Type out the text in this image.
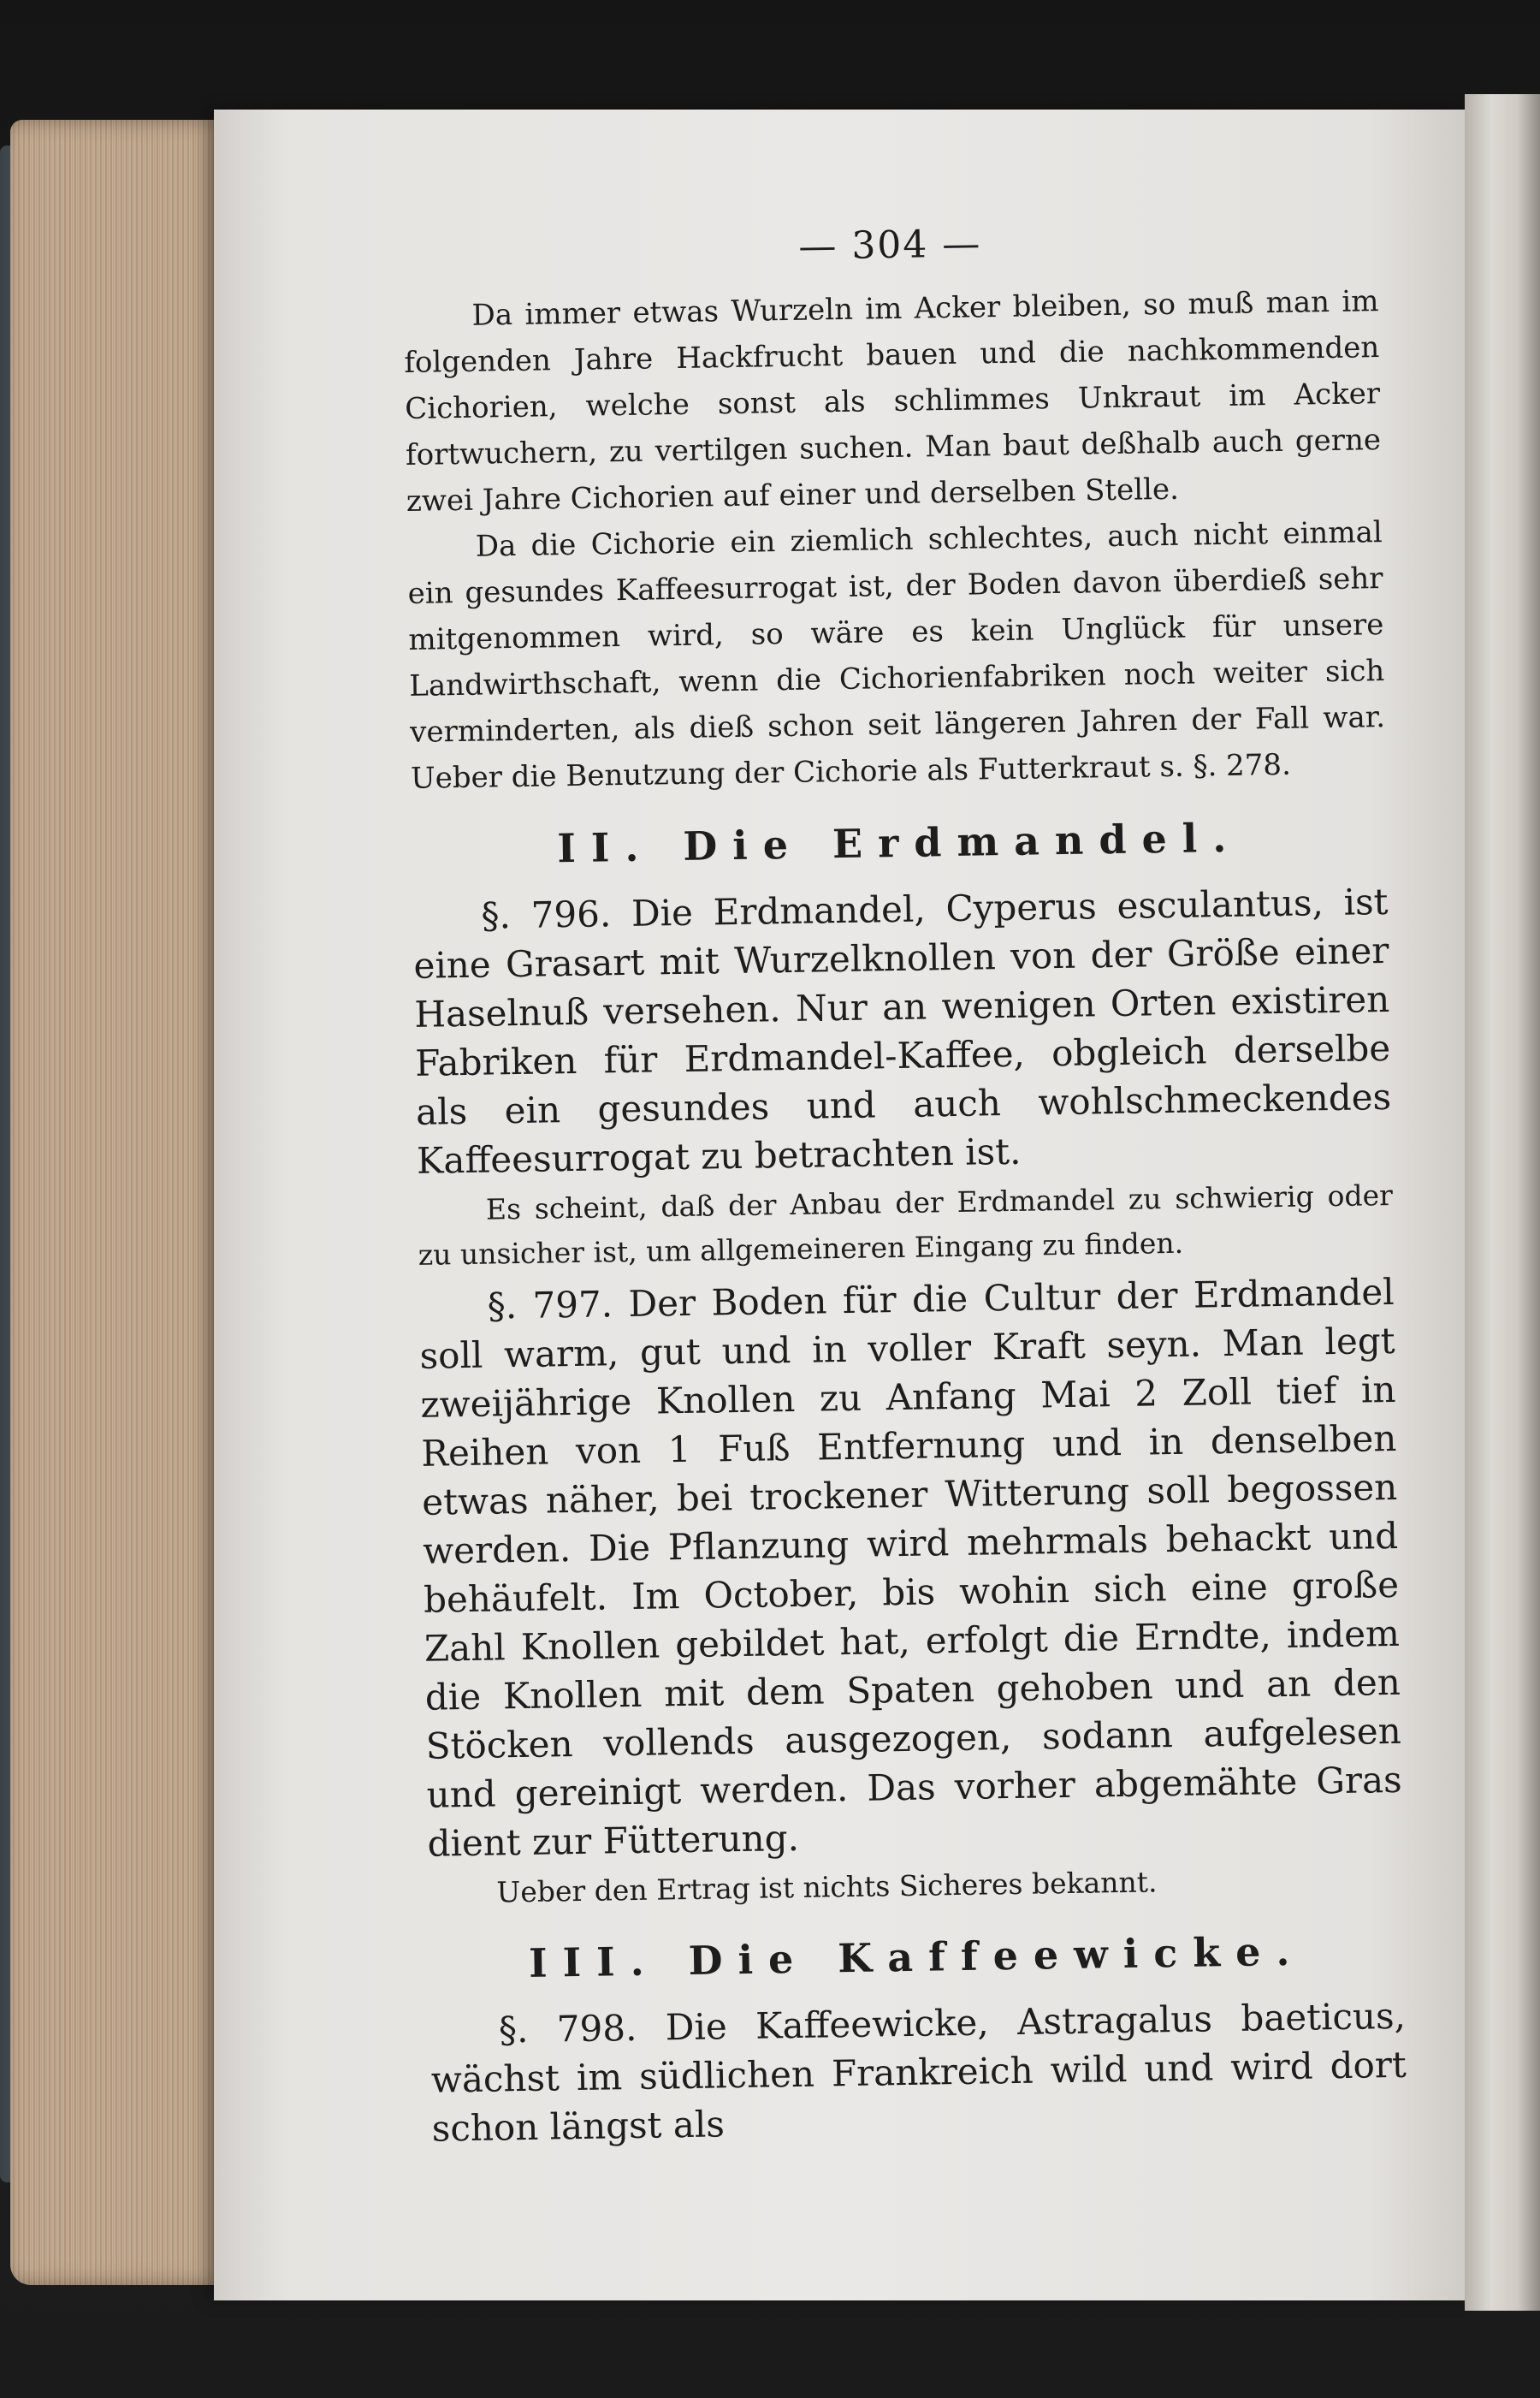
— 304 —

Da immer etwas Wurzeln im Acker bleiben, so muß man im folgenden Jahre Hackfrucht bauen und die nachkommenden Cichorien, welche sonst als schlimmes Unkraut im Acker fortwuchern, zu vertilgen suchen. Man baut deßhalb auch gerne zwei Jahre Cichorien auf einer und derselben Stelle.

Da die Cichorie ein ziemlich schlechtes, auch nicht einmal ein gesundes Kaffeesurrogat ist, der Boden davon überdieß sehr mitgenommen wird, so wäre es kein Unglück für unsere Landwirthschaft, wenn die Cichorienfabriken noch weiter sich verminderten, als dieß schon seit längeren Jahren der Fall war. Ueber die Benutzung der Cichorie als Futterkraut s. §. 278.

II. Die Erdmandel.

§. 796. Die Erdmandel, Cyperus esculantus, ist eine Grasart mit Wurzelknollen von der Größe einer Haselnuß versehen. Nur an wenigen Orten existiren Fabriken für Erdmandel-Kaffee, obgleich derselbe als ein gesundes und auch wohlschmeckendes Kaffeesurrogat zu betrachten ist.

Es scheint, daß der Anbau der Erdmandel zu schwierig oder zu unsicher ist, um allgemeineren Eingang zu finden.

§. 797. Der Boden für die Cultur der Erdmandel soll warm, gut und in voller Kraft seyn. Man legt zweijährige Knollen zu Anfang Mai 2 Zoll tief in Reihen von 1 Fuß Entfernung und in denselben etwas näher, bei trockener Witterung soll begossen werden. Die Pflanzung wird mehrmals behackt und behäufelt. Im October, bis wohin sich eine große Zahl Knollen gebildet hat, erfolgt die Erndte, indem die Knollen mit dem Spaten gehoben und an den Stöcken vollends ausgezogen, sodann aufgelesen und gereinigt werden. Das vorher abgemähte Gras dient zur Fütterung.

Ueber den Ertrag ist nichts Sicheres bekannt.

III. Die Kaffeewicke.

§. 798. Die Kaffeewicke, Astragalus baeticus, wächst im südlichen Frankreich wild und wird dort schon längst als
